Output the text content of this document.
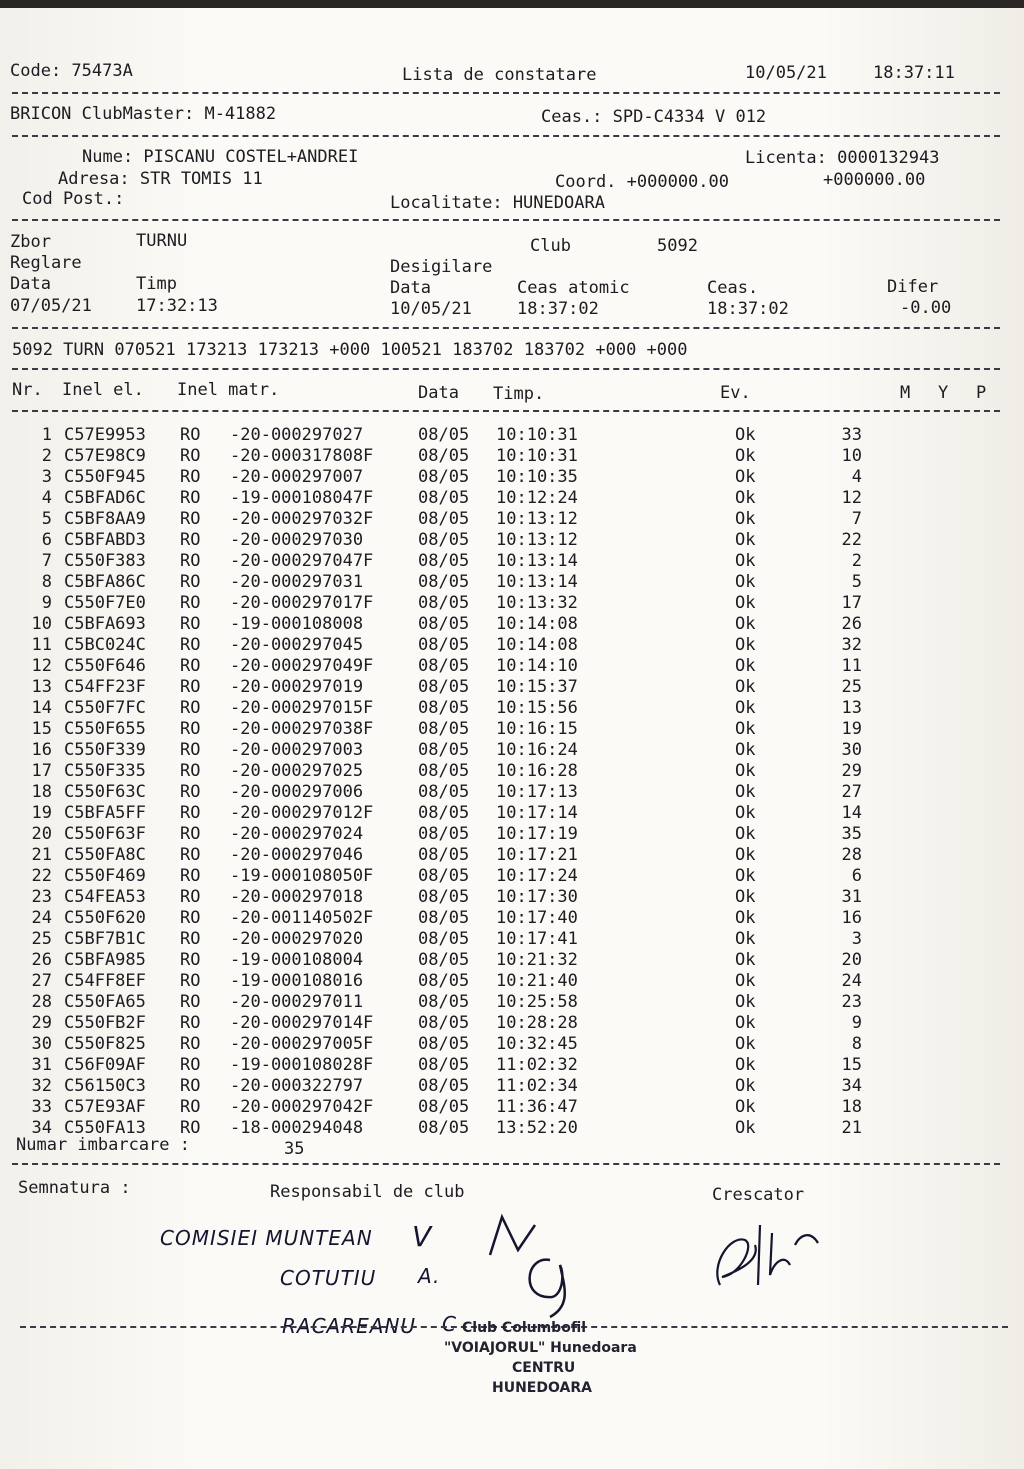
Code: 75473A	Lista de constatare	10/05/21	18:37:11
BRICON ClubMaster: M-41882	Ceas.: SPD-C4334 V 012
Nume: PISCANU COSTEL+ANDREI	Licenta: 0000132943
Adresa: STR TOMIS 11	Coord. +000000.00	+000000.00
Cod Post.:	Localitate: HUNEDOARA
Zbor	TURNU	Club	5092
Reglare	Desigilare
Data	Timp	Data	Ceas atomic	Ceas.	Difer
07/05/21	17:32:13	10/05/21	18:37:02	18:37:02	-0.00
5092 TURN 070521 173213 173213 +000 100521 183702 183702 +000 +000
Nr. Inel el. Inel matr.	Data Timp.	Ev.	M Y P
1 C57E9953 RO -20-000297027	08/05 10:10:31	Ok	33
2 C57E98C9 RO -20-000317808F	08/05 10:10:31	Ok	10
3 C550F945 RO -20-000297007	08/05 10:10:35	Ok	4
4 C5BFAD6C RO -19-000108047F	08/05 10:12:24	Ok	12
5 C5BF8AA9 RO -20-000297032F	08/05 10:13:12	Ok	7
6 C5BFABD3 RO -20-000297030	08/05 10:13:12	Ok	22
7 C550F383 RO -20-000297047F	08/05 10:13:14	Ok	2
8 C5BFA86C RO -20-000297031	08/05 10:13:14	Ok	5
9 C550F7E0 RO -20-000297017F	08/05 10:13:32	Ok	17
10 C5BFA693 RO -19-000108008	08/05 10:14:08	Ok	26
11 C5BC024C RO -20-000297045	08/05 10:14:08	Ok	32
12 C550F646 RO -20-000297049F	08/05 10:14:10	Ok	11
13 C54FF23F RO -20-000297019	08/05 10:15:37	Ok	25
14 C550F7FC RO -20-000297015F	08/05 10:15:56	Ok	13
15 C550F655 RO -20-000297038F	08/05 10:16:15	Ok	19
16 C550F339 RO -20-000297003	08/05 10:16:24	Ok	30
17 C550F335 RO -20-000297025	08/05 10:16:28	Ok	29
18 C550F63C RO -20-000297006	08/05 10:17:13	Ok	27
19 C5BFA5FF RO -20-000297012F	08/05 10:17:14	Ok	14
20 C550F63F RO -20-000297024	08/05 10:17:19	Ok	35
21 C550FA8C RO -20-000297046	08/05 10:17:21	Ok	28
22 C550F469 RO -19-000108050F	08/05 10:17:24	Ok	6
23 C54FEA53 RO -20-000297018	08/05 10:17:30	Ok	31
24 C550F620 RO -20-001140502F	08/05 10:17:40	Ok	16
25 C5BF7B1C RO -20-000297020	08/05 10:17:41	Ok	3
26 C5BFA985 RO -19-000108004	08/05 10:21:32	Ok	20
27 C54FF8EF RO -19-000108016	08/05 10:21:40	Ok	24
28 C550FA65 RO -20-000297011	08/05 10:25:58	Ok	23
29 C550FB2F RO -20-000297014F	08/05 10:28:28	Ok	9
30 C550F825 RO -20-000297005F	08/05 10:32:45	Ok	8
31 C56F09AF RO -19-000108028F	08/05 11:02:32	Ok	15
32 C56150C3 RO -20-000322797	08/05 11:02:34	Ok	34
33 C57E93AF RO -20-000297042F	08/05 11:36:47	Ok	18
34 C550FA13 RO -18-000294048	08/05 13:52:20	Ok	21
Numar imbarcare :	35
Semnatura :	Responsabil de club	Crescator
COMISIEI MUNTEAN V
COTUTIU A.
RACAREANU C Club Columbofil
"VOIAJORUL" Hunedoara
CENTRU
HUNEDOARA
